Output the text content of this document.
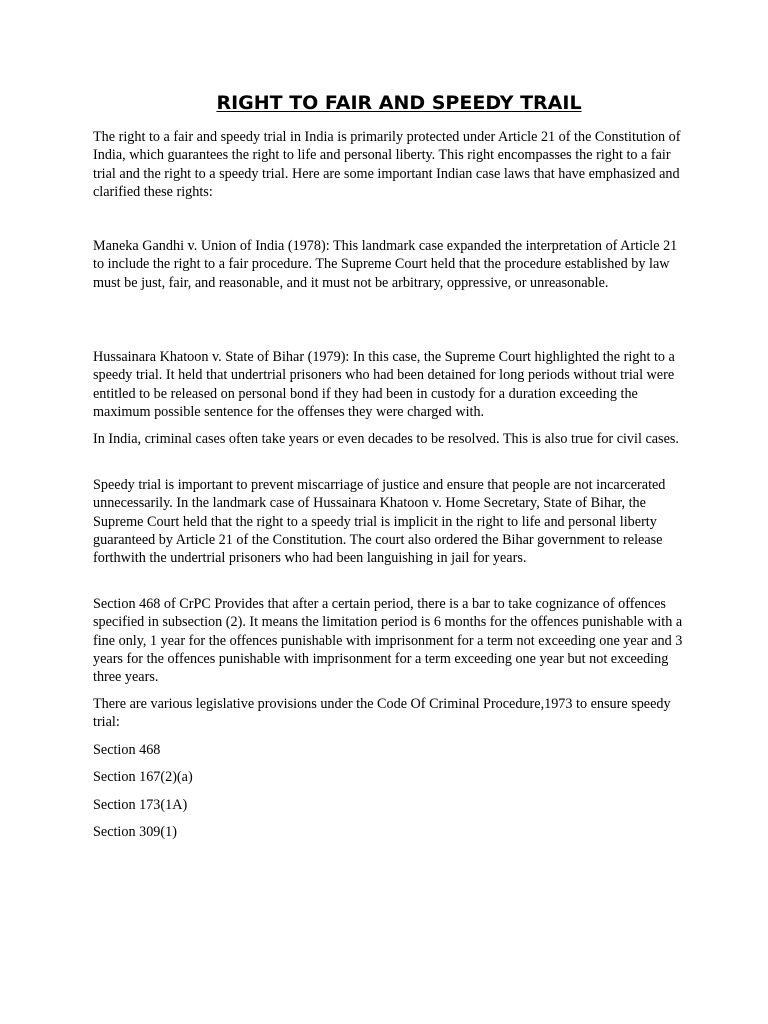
RIGHT TO FAIR AND SPEEDY TRAIL

The right to a fair and speedy trial in India is primarily protected under Article 21 of the Constitution of India, which guarantees the right to life and personal liberty. This right encompasses the right to a fair trial and the right to a speedy trial. Here are some important Indian case laws that have emphasized and clarified these rights:

Maneka Gandhi v. Union of India (1978): This landmark case expanded the interpretation of Article 21 to include the right to a fair procedure. The Supreme Court held that the procedure established by law must be just, fair, and reasonable, and it must not be arbitrary, oppressive, or unreasonable.

Hussainara Khatoon v. State of Bihar (1979): In this case, the Supreme Court highlighted the right to a speedy trial. It held that undertrial prisoners who had been detained for long periods without trial were entitled to be released on personal bond if they had been in custody for a duration exceeding the maximum possible sentence for the offenses they were charged with.

In India, criminal cases often take years or even decades to be resolved. This is also true for civil cases.

Speedy trial is important to prevent miscarriage of justice and ensure that people are not incarcerated unnecessarily. In the landmark case of Hussainara Khatoon v. Home Secretary, State of Bihar, the Supreme Court held that the right to a speedy trial is implicit in the right to life and personal liberty guaranteed by Article 21 of the Constitution. The court also ordered the Bihar government to release forthwith the undertrial prisoners who had been languishing in jail for years.

Section 468 of CrPC Provides that after a certain period, there is a bar to take cognizance of offences specified in subsection (2). It means the limitation period is 6 months for the offences punishable with a fine only, 1 year for the offences punishable with imprisonment for a term not exceeding one year and 3 years for the offences punishable with imprisonment for a term exceeding one year but not exceeding three years.

There are various legislative provisions under the Code Of Criminal Procedure,1973 to ensure speedy trial:

Section 468

Section 167(2)(a)

Section 173(1A)

Section 309(1)
